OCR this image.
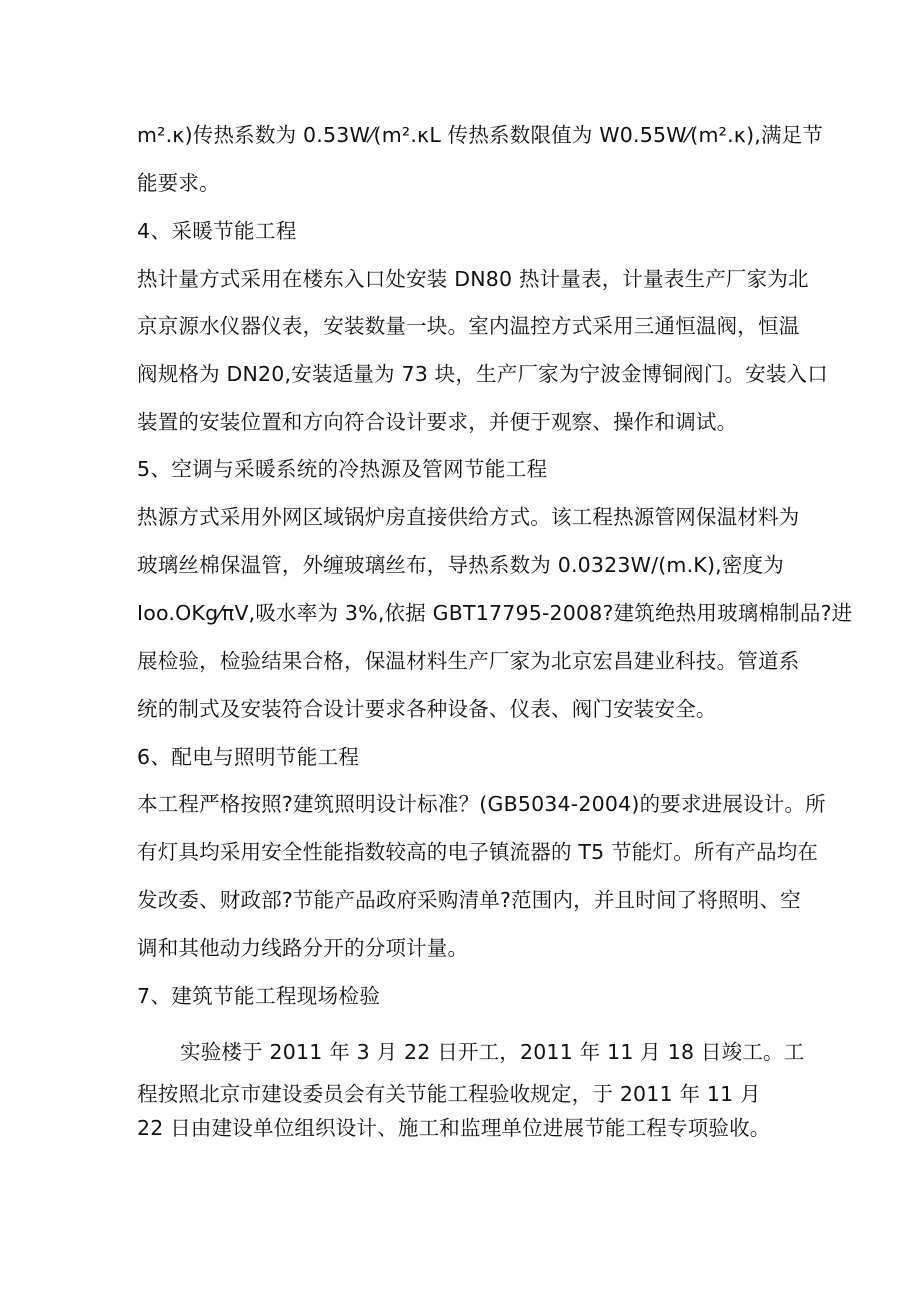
m².κ)传热系数为 0.53W⁄(m².κL 传热系数限值为 W0.55W⁄(m².κ),满足节
能要求。
4、采暖节能工程
热计量方式采用在楼东入口处安装 DN80 热计量表，计量表生产厂家为北
京京源水仪器仪表，安装数量一块。室内温控方式采用三通恒温阀，恒温
阀规格为 DN20,安装适量为 73 块，生产厂家为宁波金博铜阀门。安装入口
装置的安装位置和方向符合设计要求，并便于观察、操作和调试。
5、空调与采暖系统的冷热源及管网节能工程
热源方式采用外网区域锅炉房直接供给方式。该工程热源管网保温材料为
玻璃丝棉保温管，外缠玻璃丝布，导热系数为 0.0323W/(m.K),密度为
Ioo.OKg⁄πV,吸水率为 3%,依据 GBT17795-2008?建筑绝热用玻璃棉制品?进
展检验，检验结果合格，保温材料生产厂家为北京宏昌建业科技。管道系
统的制式及安装符合设计要求各种设备、仪表、阀门安装安全。
6、配电与照明节能工程
本工程严格按照?建筑照明设计标准？(GB5034-2004)的要求进展设计。所
有灯具均采用安全性能指数较高的电子镇流器的 T5 节能灯。所有产品均在
发改委、财政部?节能产品政府采购清单?范围内，并且时间了将照明、空
调和其他动力线路分开的分项计量。
7、建筑节能工程现场检验
实验楼于 2011 年 3 月 22 日开工，2011 年 11 月 18 日竣工。工
程按照北京市建设委员会有关节能工程验收规定，于 2011 年 11 月
22 日由建设单位组织设计、施工和监理单位进展节能工程专项验收。
